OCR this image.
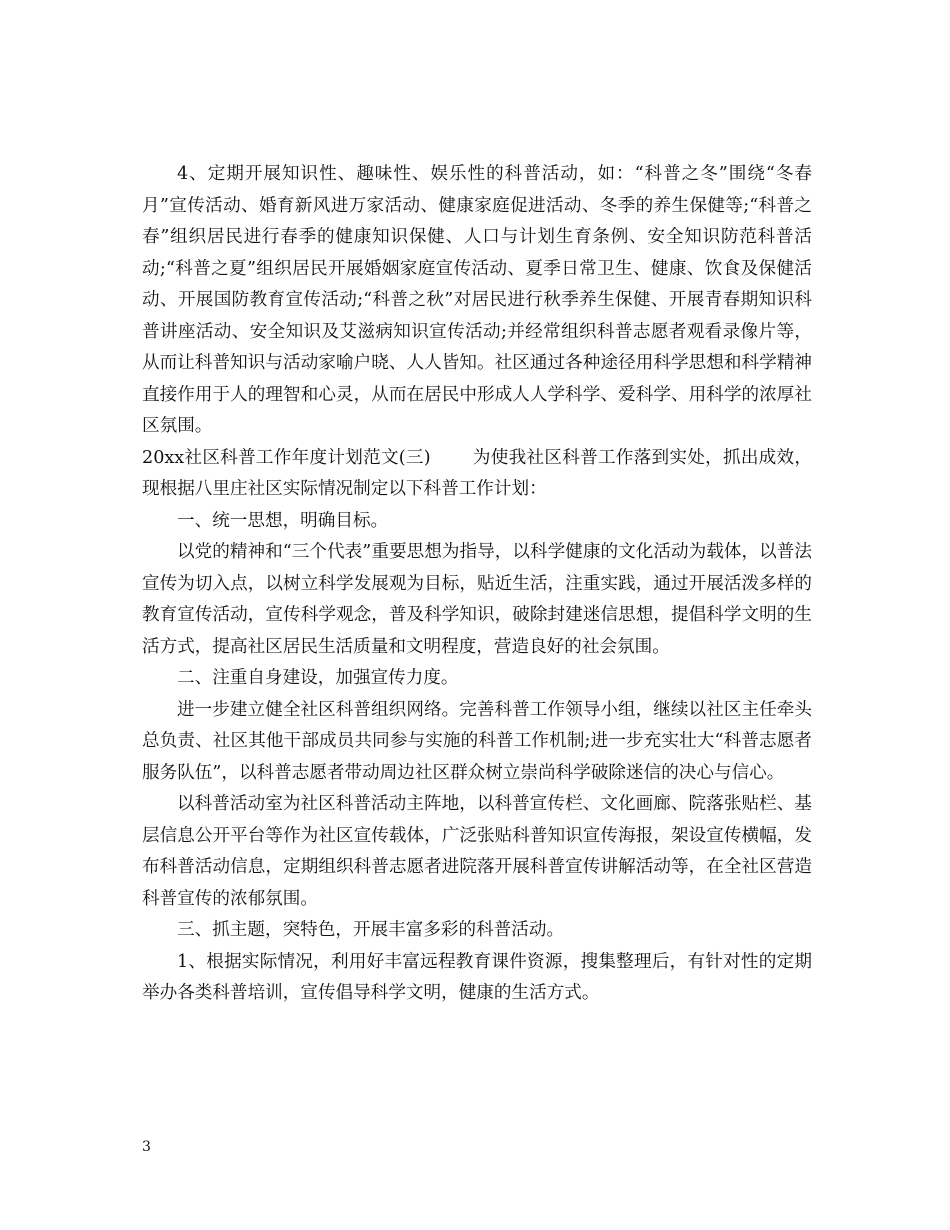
4、定期开展知识性、趣味性、娱乐性的科普活动，如：“科普之冬”围绕“冬春月”宣传活动、婚育新风进万家活动、健康家庭促进活动、冬季的养生保健等;“科普之春”组织居民进行春季的健康知识保健、人口与计划生育条例、安全知识防范科普活动;“科普之夏”组织居民开展婚姻家庭宣传活动、夏季日常卫生、健康、饮食及保健活动、开展国防教育宣传活动;“科普之秋”对居民进行秋季养生保健、开展青春期知识科普讲座活动、安全知识及艾滋病知识宣传活动;并经常组织科普志愿者观看录像片等，从而让科普知识与活动家喻户晓、人人皆知。社区通过各种途径用科学思想和科学精神直接作用于人的理智和心灵，从而在居民中形成人人学科学、爱科学、用科学的浓厚社区氛围。

20xx社区科普工作年度计划范文(三) 为使我社区科普工作落到实处，抓出成效，现根据八里庄社区实际情况制定以下科普工作计划：

一、统一思想，明确目标。

以党的精神和“三个代表”重要思想为指导，以科学健康的文化活动为载体，以普法宣传为切入点，以树立科学发展观为目标，贴近生活，注重实践，通过开展活泼多样的教育宣传活动，宣传科学观念，普及科学知识，破除封建迷信思想，提倡科学文明的生活方式，提高社区居民生活质量和文明程度，营造良好的社会氛围。

二、注重自身建设，加强宣传力度。

进一步建立健全社区科普组织网络。完善科普工作领导小组，继续以社区主任牵头总负责、社区其他干部成员共同参与实施的科普工作机制;进一步充实壮大“科普志愿者服务队伍”，以科普志愿者带动周边社区群众树立崇尚科学破除迷信的决心与信心。

以科普活动室为社区科普活动主阵地，以科普宣传栏、文化画廊、院落张贴栏、基层信息公开平台等作为社区宣传载体，广泛张贴科普知识宣传海报，架设宣传横幅，发布科普活动信息，定期组织科普志愿者进院落开展科普宣传讲解活动等，在全社区营造科普宣传的浓郁氛围。

三、抓主题，突特色，开展丰富多彩的科普活动。

1、根据实际情况，利用好丰富远程教育课件资源，搜集整理后，有针对性的定期举办各类科普培训，宣传倡导科学文明，健康的生活方式。

3
